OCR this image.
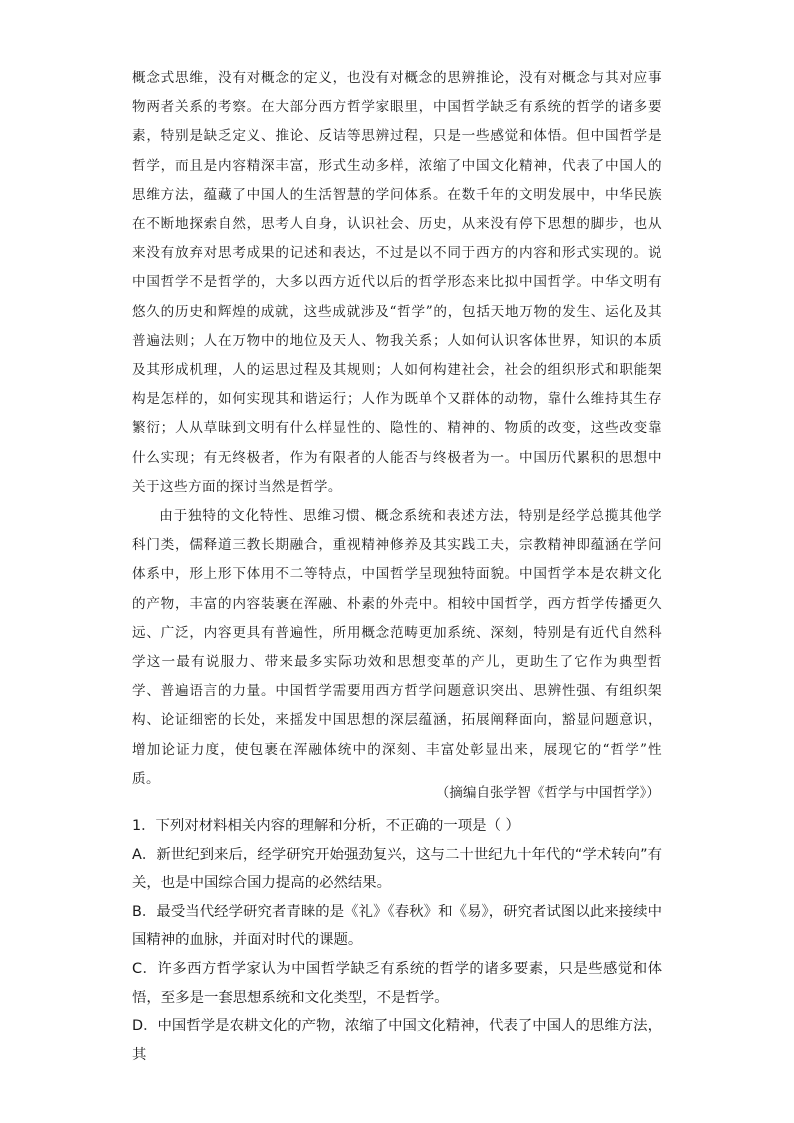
概念式思维，没有对概念的定义，也没有对概念的思辨推论，没有对概念与其对应事物两者关系的考察。在大部分西方哲学家眼里，中国哲学缺乏有系统的哲学的诸多要素，特别是缺乏定义、推论、反诘等思辨过程，只是一些感觉和体悟。但中国哲学是哲学，而且是内容精深丰富，形式生动多样，浓缩了中国文化精神，代表了中国人的思维方法，蕴藏了中国人的生活智慧的学问体系。在数千年的文明发展中，中华民族在不断地探索自然，思考人自身，认识社会、历史，从来没有停下思想的脚步，也从来没有放弃对思考成果的记述和表达，不过是以不同于西方的内容和形式实现的。说中国哲学不是哲学的，大多以西方近代以后的哲学形态来比拟中国哲学。中华文明有悠久的历史和辉煌的成就，这些成就涉及“哲学”的，包括天地万物的发生、运化及其普遍法则；人在万物中的地位及天人、物我关系；人如何认识客体世界，知识的本质及其形成机理，人的运思过程及其规则；人如何构建社会，社会的组织形式和职能架构是怎样的，如何实现其和谐运行；人作为既单个又群体的动物，靠什么维持其生存繁衍；人从草昧到文明有什么样显性的、隐性的、精神的、物质的改变，这些改变靠什么实现；有无终极者，作为有限者的人能否与终极者为一。中国历代累积的思想中关于这些方面的探讨当然是哲学。

由于独特的文化特性、思维习惯、概念系统和表述方法，特别是经学总揽其他学科门类，儒释道三教长期融合，重视精神修养及其实践工夫，宗教精神即蕴涵在学问体系中，形上形下体用不二等特点，中国哲学呈现独特面貌。中国哲学本是农耕文化的产物，丰富的内容装裹在浑融、朴素的外壳中。相较中国哲学，西方哲学传播更久远、广泛，内容更具有普遍性，所用概念范畴更加系统、深刻，特别是有近代自然科学这一最有说服力、带来最多实际功效和思想变革的产儿，更助生了它作为典型哲学、普遍语言的力量。中国哲学需要用西方哲学问题意识突出、思辨性强、有组织架构、论证细密的长处，来摇发中国思想的深层蕴涵，拓展阐释面向，豁显问题意识，增加论证力度，使包裹在浑融体统中的深刻、丰富处彰显出来，展现它的“哲学”性质。

（摘编自张学智《哲学与中国哲学》）

1．下列对材料相关内容的理解和分析，不正确的一项是（ ）

A．新世纪到来后，经学研究开始强劲复兴，这与二十世纪九十年代的“学术转向”有关，也是中国综合国力提高的必然结果。

B．最受当代经学研究者青睐的是《礼》《春秋》和《易》，研究者试图以此来接续中国精神的血脉，并面对时代的课题。

C．许多西方哲学家认为中国哲学缺乏有系统的哲学的诸多要素，只是些感觉和体悟，至多是一套思想系统和文化类型，不是哲学。

D．中国哲学是农耕文化的产物，浓缩了中国文化精神，代表了中国人的思维方法，其
